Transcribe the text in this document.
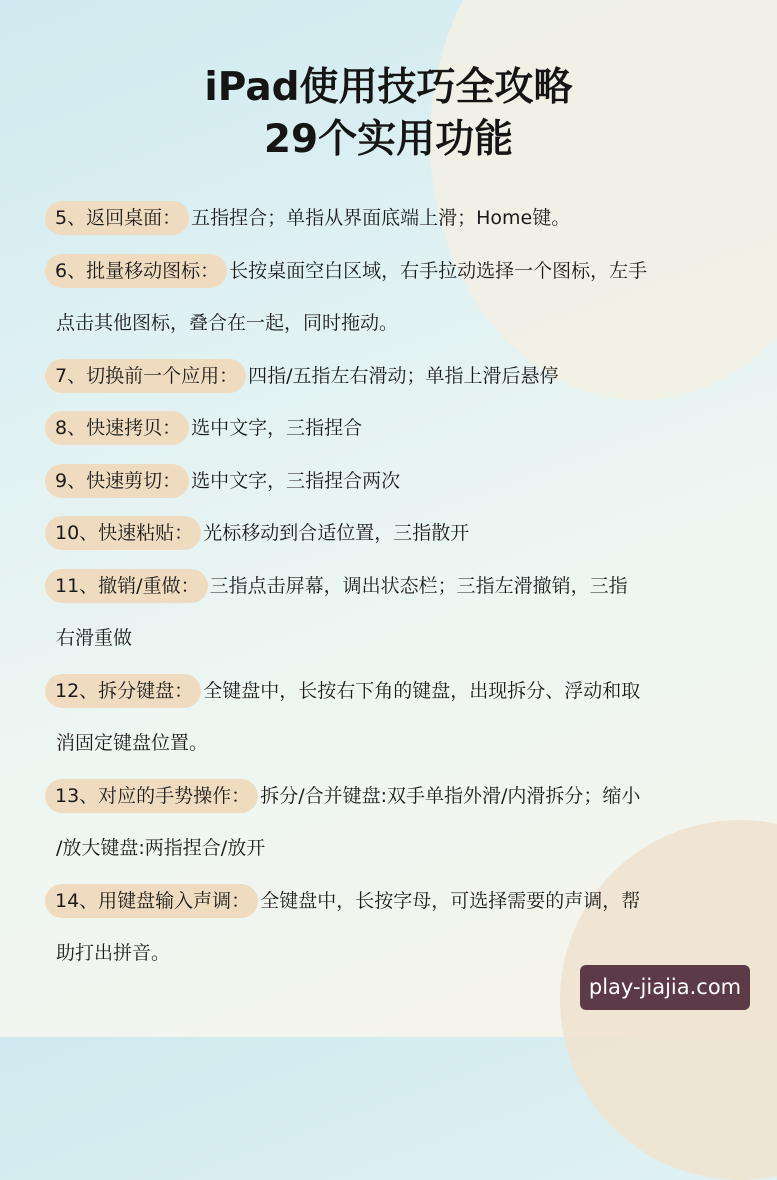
iPad使用技巧全攻略
29个实用功能
5、返回桌面： 五指捏合；单指从界面底端上滑；Home键。
6、批量移动图标： 长按桌面空白区域，右手拉动选择一个图标，左手
点击其他图标，叠合在一起，同时拖动。
7、切换前一个应用： 四指/五指左右滑动；单指上滑后悬停
8、快速拷贝： 选中文字，三指捏合
9、快速剪切： 选中文字，三指捏合两次
10、快速粘贴： 光标移动到合适位置，三指散开
11、撤销/重做： 三指点击屏幕，调出状态栏；三指左滑撤销，三指
右滑重做
12、拆分键盘： 全键盘中，长按右下角的键盘，出现拆分、浮动和取
消固定键盘位置。
13、对应的手势操作： 拆分/合并键盘:双手单指外滑/内滑拆分；缩小
/放大键盘:两指捏合/放开
14、用键盘输入声调： 全键盘中，长按字母，可选择需要的声调，帮
助打出拼音。
play-jiajia.com
